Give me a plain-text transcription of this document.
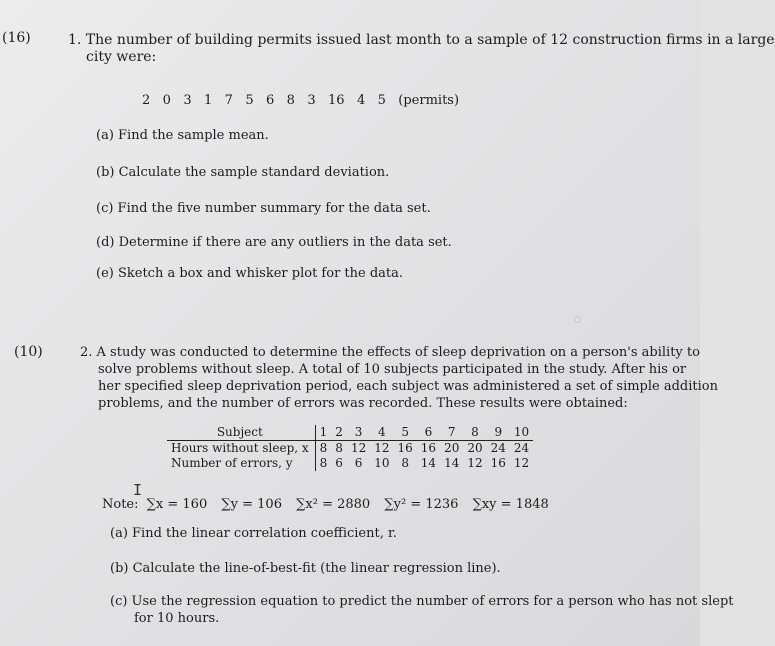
(16)	1. The number of building permits issued last month to a sample of 12 construction firms in a large
city were:
2   0   3   1   7   5   6   8   3   16   4   5   (permits)
(a) Find the sample mean.
(b) Calculate the sample standard deviation.
(c) Find the five number summary for the data set.
(d) Determine if there are any outliers in the data set.
(e) Sketch a box and whisker plot for the data.
(10)	2. A study was conducted to determine the effects of sleep deprivation on a person's ability to
solve problems without sleep. A total of 10 subjects participated in the study. After his or
her specified sleep deprivation period, each subject was administered a set of simple addition
problems, and the number of errors was recorded. These results were obtained:
Subject	1	2	3	4	5	6	7	8	9	10
Hours without sleep, x	8	8	12	12	16	16	20	20	24	24
Number of errors, y	8	6	6	10	8	14	14	12	16	12
I
Note: ∑x = 160 ∑y = 106 ∑x² = 2880 ∑y² = 1236 ∑xy = 1848
(a) Find the linear correlation coefficient, r.
(b) Calculate the line-of-best-fit (the linear regression line).
(c) Use the regression equation to predict the number of errors for a person who has not slept
for 10 hours.
